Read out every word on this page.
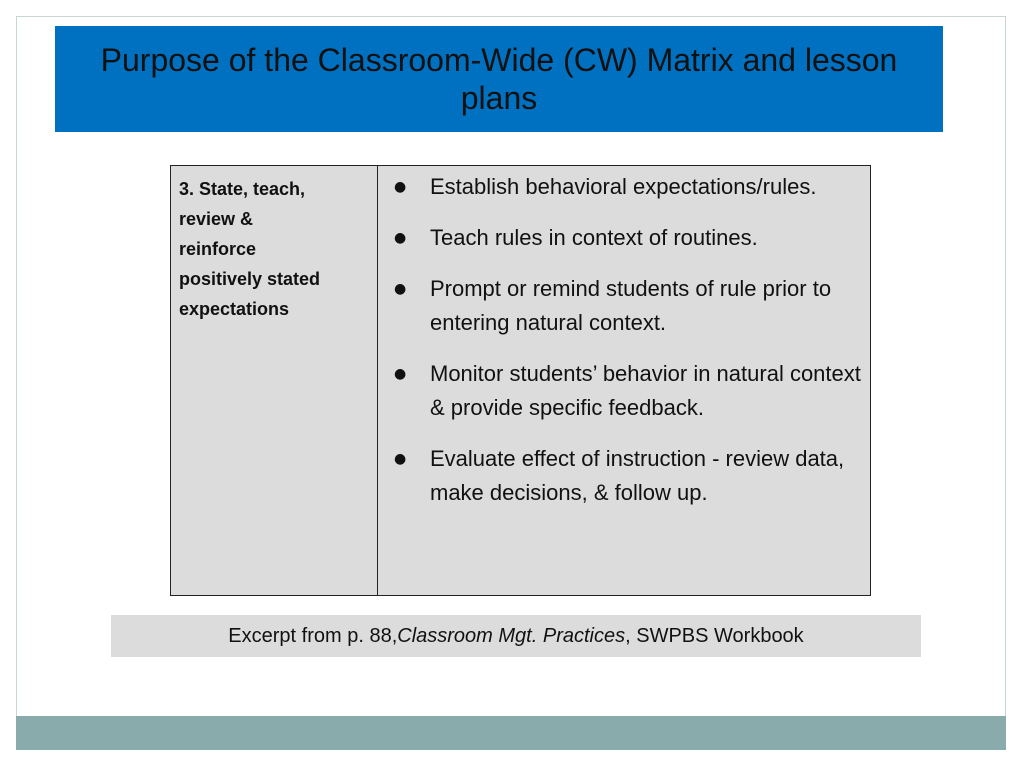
Purpose of the Classroom-Wide (CW) Matrix and lesson plans
3. State, teach,
review &
reinforce
positively stated
expectations

●	Establish behavioral expectations/rules.
●	Teach rules in context of routines.
●	Prompt or remind students of rule prior to entering natural context.
●	Monitor students’ behavior in natural context & provide specific feedback.
●	Evaluate effect of instruction - review data, make decisions, & follow up.
Excerpt from p. 88, Classroom Mgt. Practices , SWPBS Workbook
